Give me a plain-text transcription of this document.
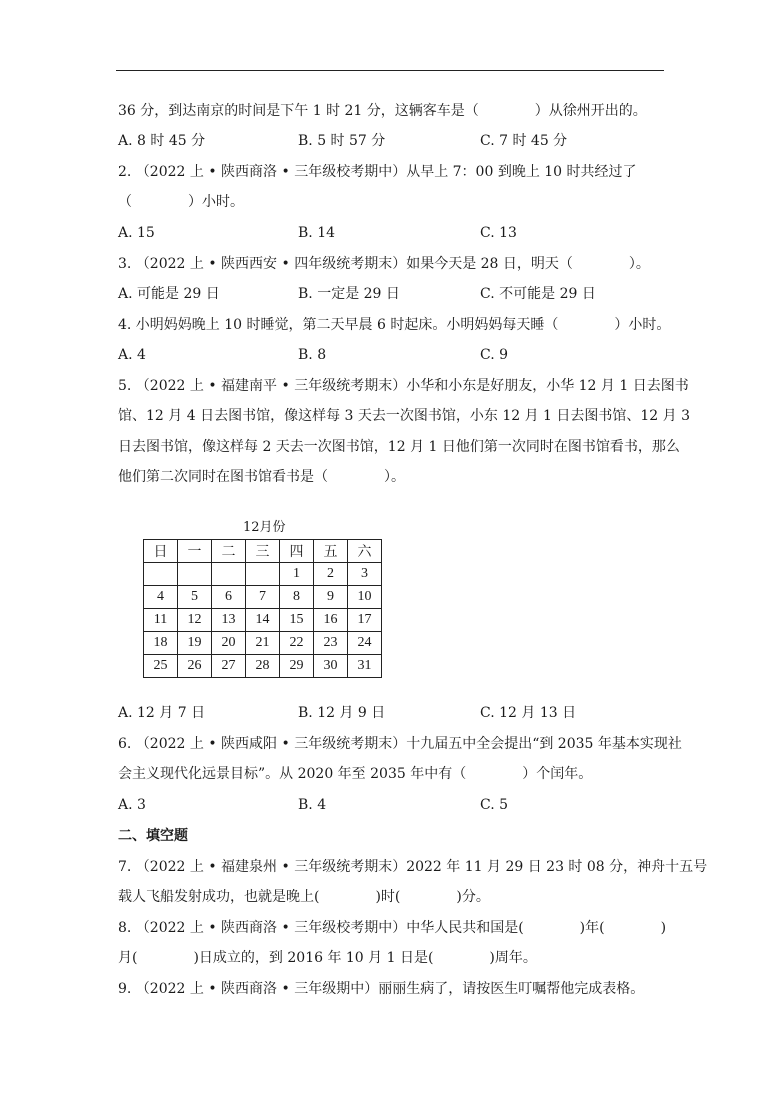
36 分，到达南京的时间是下午 1 时 21 分，这辆客车是（　　　　）从徐州开出的。
A. 8 时 45 分	B. 5 时 57 分	C. 7 时 45 分
2. （2022 上 • 陕西商洛 • 三年级校考期中）从早上 7：00 到晚上 10 时共经过了
（　　　　）小时。
A. 15	B. 14	C. 13
3. （2022 上 • 陕西西安 • 四年级统考期末）如果今天是 28 日，明天（　　　　）。
A. 可能是 29 日	B. 一定是 29 日	C. 不可能是 29 日
4. 小明妈妈晚上 10 时睡觉，第二天早晨 6 时起床。小明妈妈每天睡（　　　　）小时。
A. 4	B. 8	C. 9
5. （2022 上 • 福建南平 • 三年级统考期末）小华和小东是好朋友，小华 12 月 1 日去图书
馆、12 月 4 日去图书馆，像这样每 3 天去一次图书馆，小东 12 月 1 日去图书馆、12 月 3
日去图书馆，像这样每 2 天去一次图书馆，12 月 1 日他们第一次同时在图书馆看书，那么
他们第二次同时在图书馆看书是（　　　　）。
12月份
日	一	二	三	四	五	六
				1	2	3
4	5	6	7	8	9	10
11	12	13	14	15	16	17
18	19	20	21	22	23	24
25	26	27	28	29	30	31
A. 12 月 7 日	B. 12 月 9 日	C. 12 月 13 日
6. （2022 上 • 陕西咸阳 • 三年级统考期末）十九届五中全会提出“到 2035 年基本实现社
会主义现代化远景目标”。从 2020 年至 2035 年中有（　　　　）个闰年。
A. 3	B. 4	C. 5
二、填空题
7. （2022 上 • 福建泉州 • 三年级统考期末）2022 年 11 月 29 日 23 时 08 分，神舟十五号
载人飞船发射成功，也就是晚上(　　　　)时(　　　　)分。
8. （2022 上 • 陕西商洛 • 三年级校考期中）中华人民共和国是(　　　　)年(　　　　)
月(　　　　)日成立的，到 2016 年 10 月 1 日是(　　　　)周年。
9. （2022 上 • 陕西商洛 • 三年级期中）丽丽生病了，请按医生叮嘱帮他完成表格。
